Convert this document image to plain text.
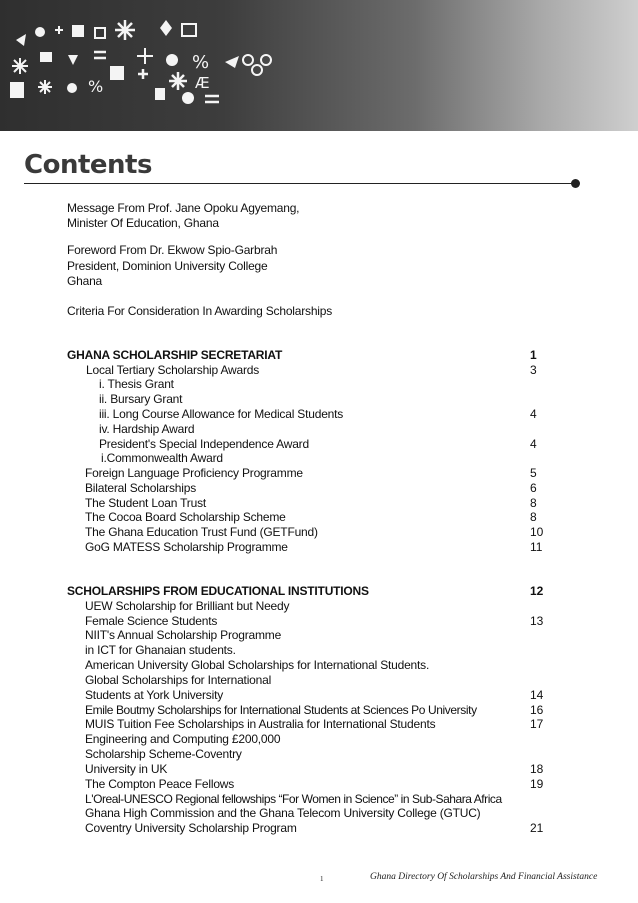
%
%	Æ
Contents
Message From Prof. Jane Opoku Agyemang,
Minister Of Education, Ghana
Foreword From Dr. Ekwow Spio-Garbrah
President, Dominion University College
Ghana
Criteria For Consideration In Awarding Scholarships
GHANA SCHOLARSHIP SECRETARIAT	1
Local Tertiary Scholarship Awards	3
i. Thesis Grant
ii. Bursary Grant
iii. Long Course Allowance for Medical Students	4
iv. Hardship Award
President's Special Independence Award	4
i.Commonwealth Award
Foreign Language Proficiency Programme	5
Bilateral Scholarships	6
The Student Loan Trust	8
The Cocoa Board Scholarship Scheme	8
The Ghana Education Trust Fund (GETFund)	10
GoG MATESS Scholarship Programme	11
SCHOLARSHIPS FROM EDUCATIONAL INSTITUTIONS	12
UEW Scholarship for Brilliant but Needy
Female Science Students	13
NIIT's Annual Scholarship Programme
in ICT for Ghanaian students.
American University Global Scholarships for International Students.
Global Scholarships for International
Students at York University	14
Emile Boutmy Scholarships for International Students at Sciences Po University	16
MUIS Tuition Fee Scholarships in Australia for International Students	17
Engineering and Computing £200,000
Scholarship Scheme-Coventry
University in UK	18
The Compton Peace Fellows	19
L'Oreal-UNESCO Regional fellowships “For Women in Science” in Sub-Sahara Africa
Ghana High Commission and the Ghana Telecom University College (GTUC)
Coventry University Scholarship Program	21
1	Ghana Directory Of Scholarships And Financial Assistance
